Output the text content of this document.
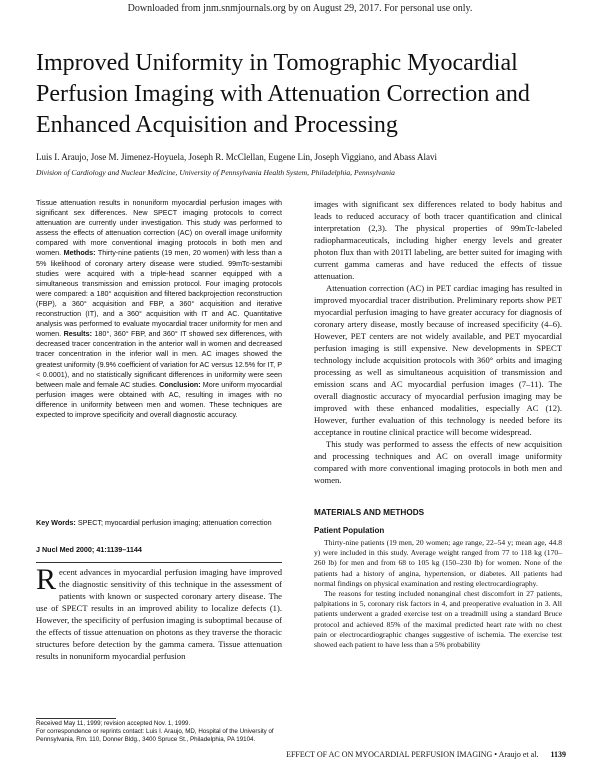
Downloaded from jnm.snmjournals.org by on August 29, 2017. For personal use only.
Improved Uniformity in Tomographic Myocardial Perfusion Imaging with Attenuation Correction and Enhanced Acquisition and Processing
Luis I. Araujo, Jose M. Jimenez-Hoyuela, Joseph R. McClellan, Eugene Lin, Joseph Viggiano, and Abass Alavi
Division of Cardiology and Nuclear Medicine, University of Pennsylvania Health System, Philadelphia, Pennsylvania
Tissue attenuation results in nonuniform myocardial perfusion images with significant sex differences. New SPECT imaging protocols to correct attenuation are currently under investigation. This study was performed to assess the effects of attenuation correction (AC) on overall image uniformity compared with more conventional imaging protocols in both men and women. Methods: Thirty-nine patients (19 men, 20 women) with less than a 5% likelihood of coronary artery disease were studied. 99mTc-sestamibi studies were acquired with a triple-head scanner equipped with a simultaneous transmission and emission protocol. Four imaging protocols were compared: a 180° acquisition and filtered backprojection reconstruction (FBP), a 360° acquisition and FBP, a 360° acquisition and iterative reconstruction (IT), and a 360° acquisition with IT and AC. Quantitative analysis was performed to evaluate myocardial tracer uniformity for men and women. Results: 180°, 360° FBP, and 360° IT showed sex differences, with decreased tracer concentration in the anterior wall in women and decreased tracer concentration in the inferior wall in men. AC images showed the greatest uniformity (9.9% coefficient of variation for AC versus 12.5% for IT, P < 0.0001), and no statistically significant differences in uniformity were seen between male and female AC studies. Conclusion: More uniform myocardial perfusion images were obtained with AC, resulting in images with no difference in uniformity between men and women. These techniques are expected to improve specificity and overall diagnostic accuracy.
Key Words: SPECT; myocardial perfusion imaging; attenuation correction
J Nucl Med 2000; 41:1139–1144
Recent advances in myocardial perfusion imaging have improved the diagnostic sensitivity of this technique in the assessment of patients with known or suspected coronary artery disease. The use of SPECT results in an improved ability to localize defects (1). However, the specificity of perfusion imaging is suboptimal because of the effects of tissue attenuation on photons as they traverse the thoracic structures before detection by the gamma camera. Tissue attenuation results in nonuniform myocardial perfusion
Received May 11, 1999; revision accepted Nov. 1, 1999.
For correspondence or reprints contact: Luis I. Araujo, MD, Hospital of the University of Pennsylvania, Rm. 110, Donner Bldg., 3400 Spruce St., Philadelphia, PA 19104.

images with significant sex differences related to body habitus and leads to reduced accuracy of both tracer quantification and clinical interpretation (2,3). The physical properties of 99mTc-labeled radiopharmaceuticals, including higher energy levels and greater photon flux than with 201Tl labeling, are better suited for imaging with current gamma cameras and have reduced the effects of tissue attenuation.

Attenuation correction (AC) in PET cardiac imaging has resulted in improved myocardial tracer distribution. Preliminary reports show PET myocardial perfusion imaging to have greater accuracy for diagnosis of coronary artery disease, mostly because of increased specificity (4–6). However, PET centers are not widely available, and PET myocardial perfusion imaging is still expensive. New developments in SPECT technology include acquisition protocols with 360° orbits and imaging processing as well as simultaneous acquisition of transmission and emission scans and AC myocardial perfusion images (7–11). The overall diagnostic accuracy of myocardial perfusion imaging may be improved with these enhanced modalities, especially AC (12). However, further evaluation of this technology is needed before its acceptance in routine clinical practice will become widespread.

This study was performed to assess the effects of new acquisition and processing techniques and AC on overall image uniformity compared with more conventional imaging protocols in both men and women.

MATERIALS AND METHODS
Patient Population

Thirty-nine patients (19 men, 20 women; age range, 22–54 y; mean age, 44.8 y) were included in this study. Average weight ranged from 77 to 118 kg (170–260 lb) for men and from 68 to 105 kg (150–230 lb) for women. None of the patients had a history of angina, hypertension, or diabetes. All patients had normal findings on physical examination and resting electrocardiography.

The reasons for testing included nonanginal chest discomfort in 27 patients, palpitations in 5, coronary risk factors in 4, and preoperative evaluation in 3. All patients underwent a graded exercise test on a treadmill using a standard Bruce protocol and achieved 85% of the maximal predicted heart rate with no chest pain or electrocardiographic changes suggestive of ischemia. The exercise test showed each patient to have less than a 5% probability

EFFECT OF AC ON MYOCARDIAL PERFUSION IMAGING • Araujo et al. 1139
